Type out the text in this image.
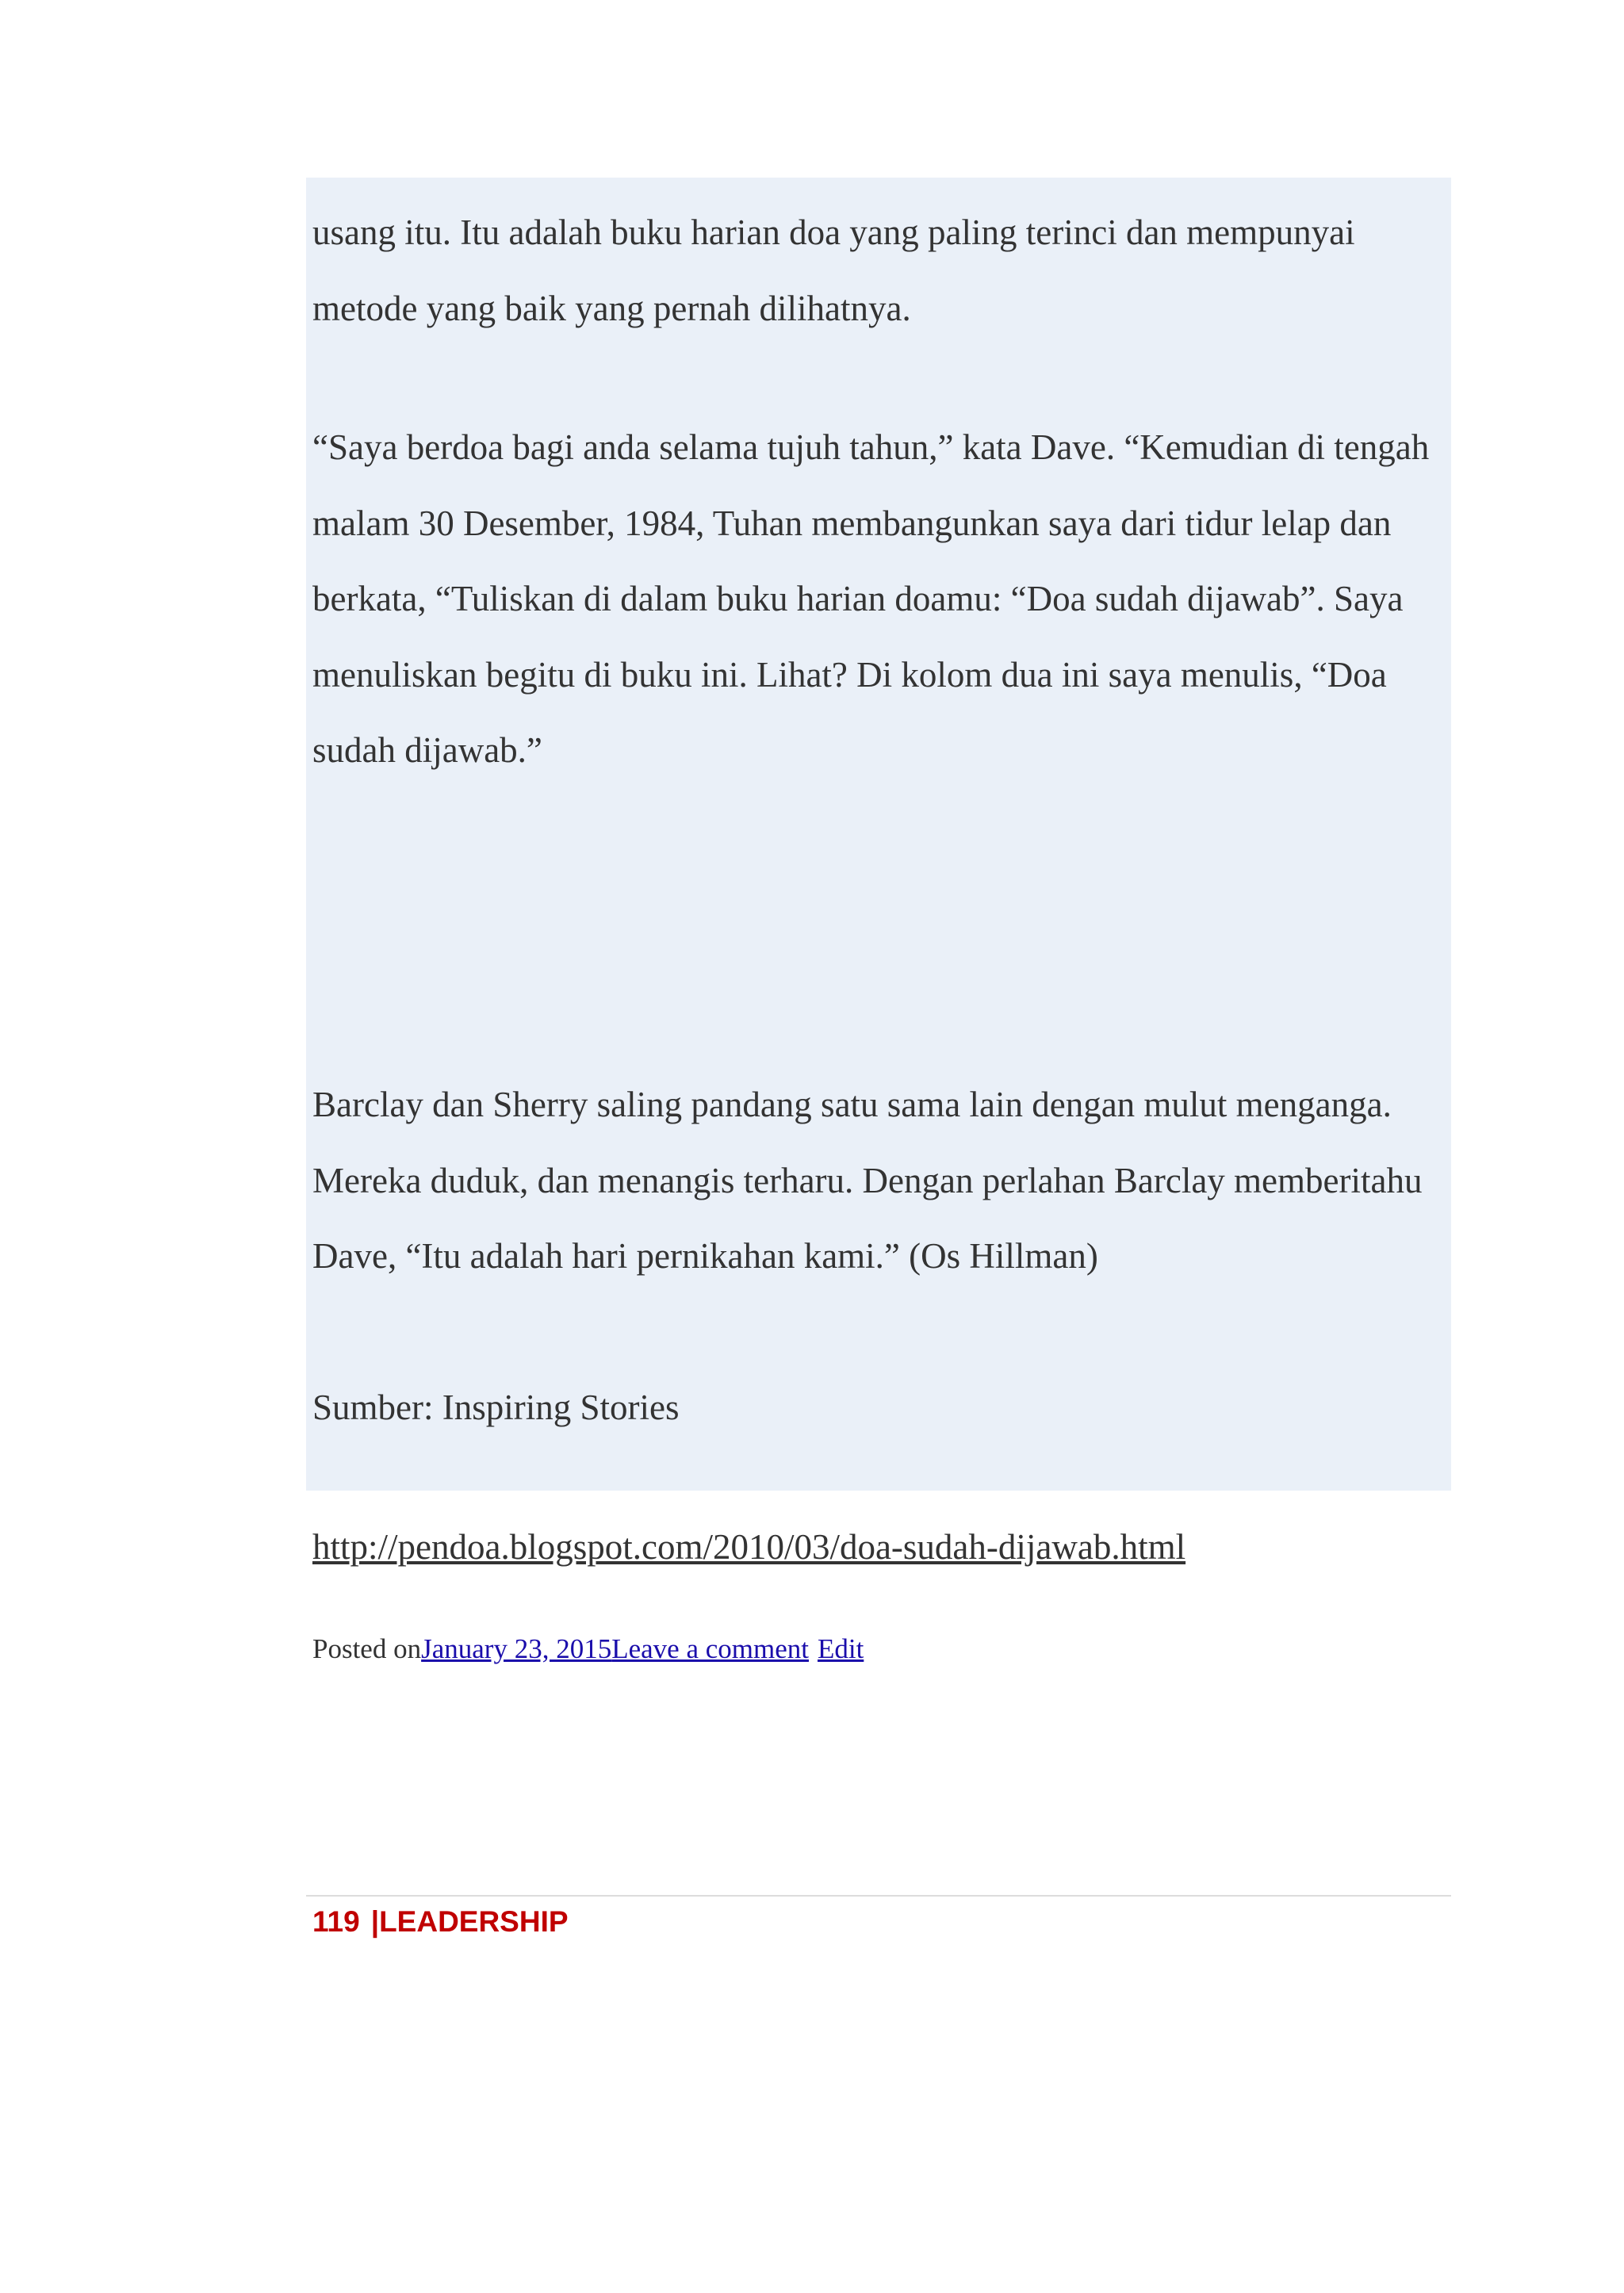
usang itu. Itu adalah buku harian doa yang paling terinci dan mempunyai metode yang baik yang pernah dilihatnya.

“Saya berdoa bagi anda selama tujuh tahun,” kata Dave. “Kemudian di tengah malam 30 Desember, 1984, Tuhan membangunkan saya dari tidur lelap dan berkata, “Tuliskan di dalam buku harian doamu: “Doa sudah dijawab”. Saya menuliskan begitu di buku ini. Lihat? Di kolom dua ini saya menulis, “Doa sudah dijawab.”

Barclay dan Sherry saling pandang satu sama lain dengan mulut menganga. Mereka duduk, dan menangis terharu. Dengan perlahan Barclay memberitahu Dave, “Itu adalah hari pernikahan kami.” (Os Hillman)

Sumber: Inspiring Stories

http://pendoa.blogspot.com/2010/03/doa-sudah-dijawab.html

Posted onJanuary 23, 2015Leave a comment Edit

119 |LEADERSHIP
